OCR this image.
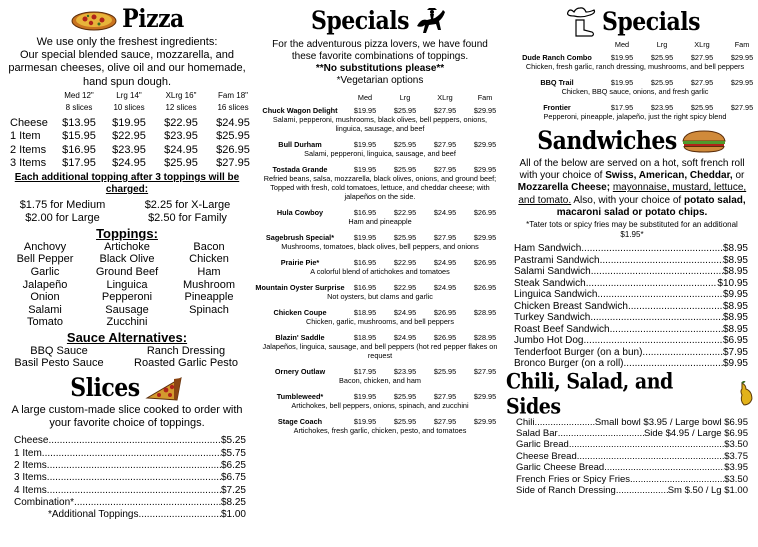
Pizza
We use only the freshest ingredients:
Our special blended sauce, mozzarella, and
parmesan cheeses, olive oil and our homemade,
hand spun dough.
Med 12"	Lrg 14"	XLrg 16"	Fam 18"
8 slices	10 slices	12 slices	16 slices
Cheese	$13.95	$19.95	$22.95	$24.95
1 Item	$15.95	$22.95	$23.95	$25.95
2 Items	$16.95	$23.95	$24.95	$26.95
3 Items	$17.95	$24.95	$25.95	$27.95
Each additional topping after 3 toppings will be
charged:
$1.75 for Medium	$2.25 for X-Large
$2.00 for Large	$2.50 for Family
Toppings:
Anchovy	Artichoke	Bacon
Bell Pepper	Black Olive	Chicken
Garlic	Ground Beef	Ham
Jalapeño	Linguica	Mushroom
Onion	Pepperoni	Pineapple
Salami	Sausage	Spinach
Tomato	Zucchini
Sauce Alternatives:
BBQ Sauce	Ranch Dressing
Basil Pesto Sauce	Roasted Garlic Pesto
Slices
A large custom-made slice cooked to order with
your favorite choice of toppings.
Cheese .....	$5.25
1 Item .....	$5.75
2 Items .....	$6.25
3 Items .....	$6.75
4 Items .....	$7.25
Combination* .....	$8.25
*Additional Toppings .....	$1.00
Specials
For the adventurous pizza lovers, we have found
these favorite combinations of toppings.
**No substitutions please**
*Vegetarian options
Med	Lrg	XLrg	Fam
Chuck Wagon Delight	$19.95	$25.95	$27.95	$29.95
Salami, pepperoni, mushrooms, black olives, bell peppers, onions, linguica, sausage, and beef
Bull Durham	$19.95	$25.95	$27.95	$29.95
Salami, pepperoni, linguica, sausage, and beef
Tostada Grande	$19.95	$25.95	$27.95	$29.95
Refried beans, salsa, mozzarella, black olives, onions, and ground beef; Topped with fresh, cold tomatoes, lettuce, and cheddar cheese; with jalapeños on the side.
Hula Cowboy	$16.95	$22.95	$24.95	$26.95
Ham and pineapple
Sagebrush Special*	$19.95	$25.95	$27.95	$29.95
Mushrooms, tomatoes, black olives, bell peppers, and onions
Prairie Pie*	$16.95	$22.95	$24.95	$26.95
A colorful blend of artichokes and tomatoes
Mountain Oyster Surprise	$16.95	$22.95	$24.95	$26.95
Not oysters, but clams and garlic
Chicken Coupe	$18.95	$24.95	$26.95	$28.95
Chicken, garlic, mushrooms, and bell peppers
Blazin' Saddle	$18.95	$24.95	$26.95	$28.95
Jalapeños, linguica, sausage, and bell peppers (hot red pepper flakes on request
Ornery Outlaw	$17.95	$23.95	$25.95	$27.95
Bacon, chicken, and ham
Tumbleweed*	$19.95	$25.95	$27.95	$29.95
Artichokes, bell peppers, onions, spinach, and zucchini
Stage Coach	$19.95	$25.95	$27.95	$29.95
Artichokes, fresh garlic, chicken, pesto, and tomatoes
Specials
Med	Lrg	XLrg	Fam
Dude Ranch Combo	$19.95	$25.95	$27.95	$29.95
Chicken, fresh garlic, ranch dressing, mushrooms, and bell peppers
BBQ Trail	$19.95	$25.95	$27.95	$29.95
Chicken, BBQ sauce, onions, and fresh garlic
Frontier	$17.95	$23.95	$25.95	$27.95
Pepperoni, pineapple, jalapeño, just the right spicy blend
Sandwiches
All of the below are served on a hot, soft french roll with your choice of Swiss, American, Cheddar, or Mozzarella Cheese; mayonnaise, mustard, lettuce, and tomato. Also, with your choice of potato salad, macaroni salad or potato chips.
*Tater tots or spicy fries may be substituted for an additional $1.95*
Ham Sandwich .....	$8.95
Pastrami Sandwich .....	$8.95
Salami Sandwich .....	$8.95
Steak Sandwich .....	$10.95
Linguica Sandwich .....	$9.95
Chicken Breast Sandwich .....	$8.95
Turkey Sandwich .....	$8.95
Roast Beef Sandwich .....	$8.95
Jumbo Hot Dog .....	$6.95
Tenderfoot Burger (on a bun) .....	$7.95
Bronco Burger (on a roll) .....	$9.95
Chili, Salad, and Sides
Chili .....	Small bowl $3.95 / Large bowl $6.95
Salad Bar .....	Side $4.95 / Large $6.95
Garlic Bread .....	$3.50
Cheese Bread .....	$3.75
Garlic Cheese Bread .....	$3.95
French Fries or Spicy Fries .....	$3.50
Side of Ranch Dressing .....	Sm $.50 / Lg $1.00
